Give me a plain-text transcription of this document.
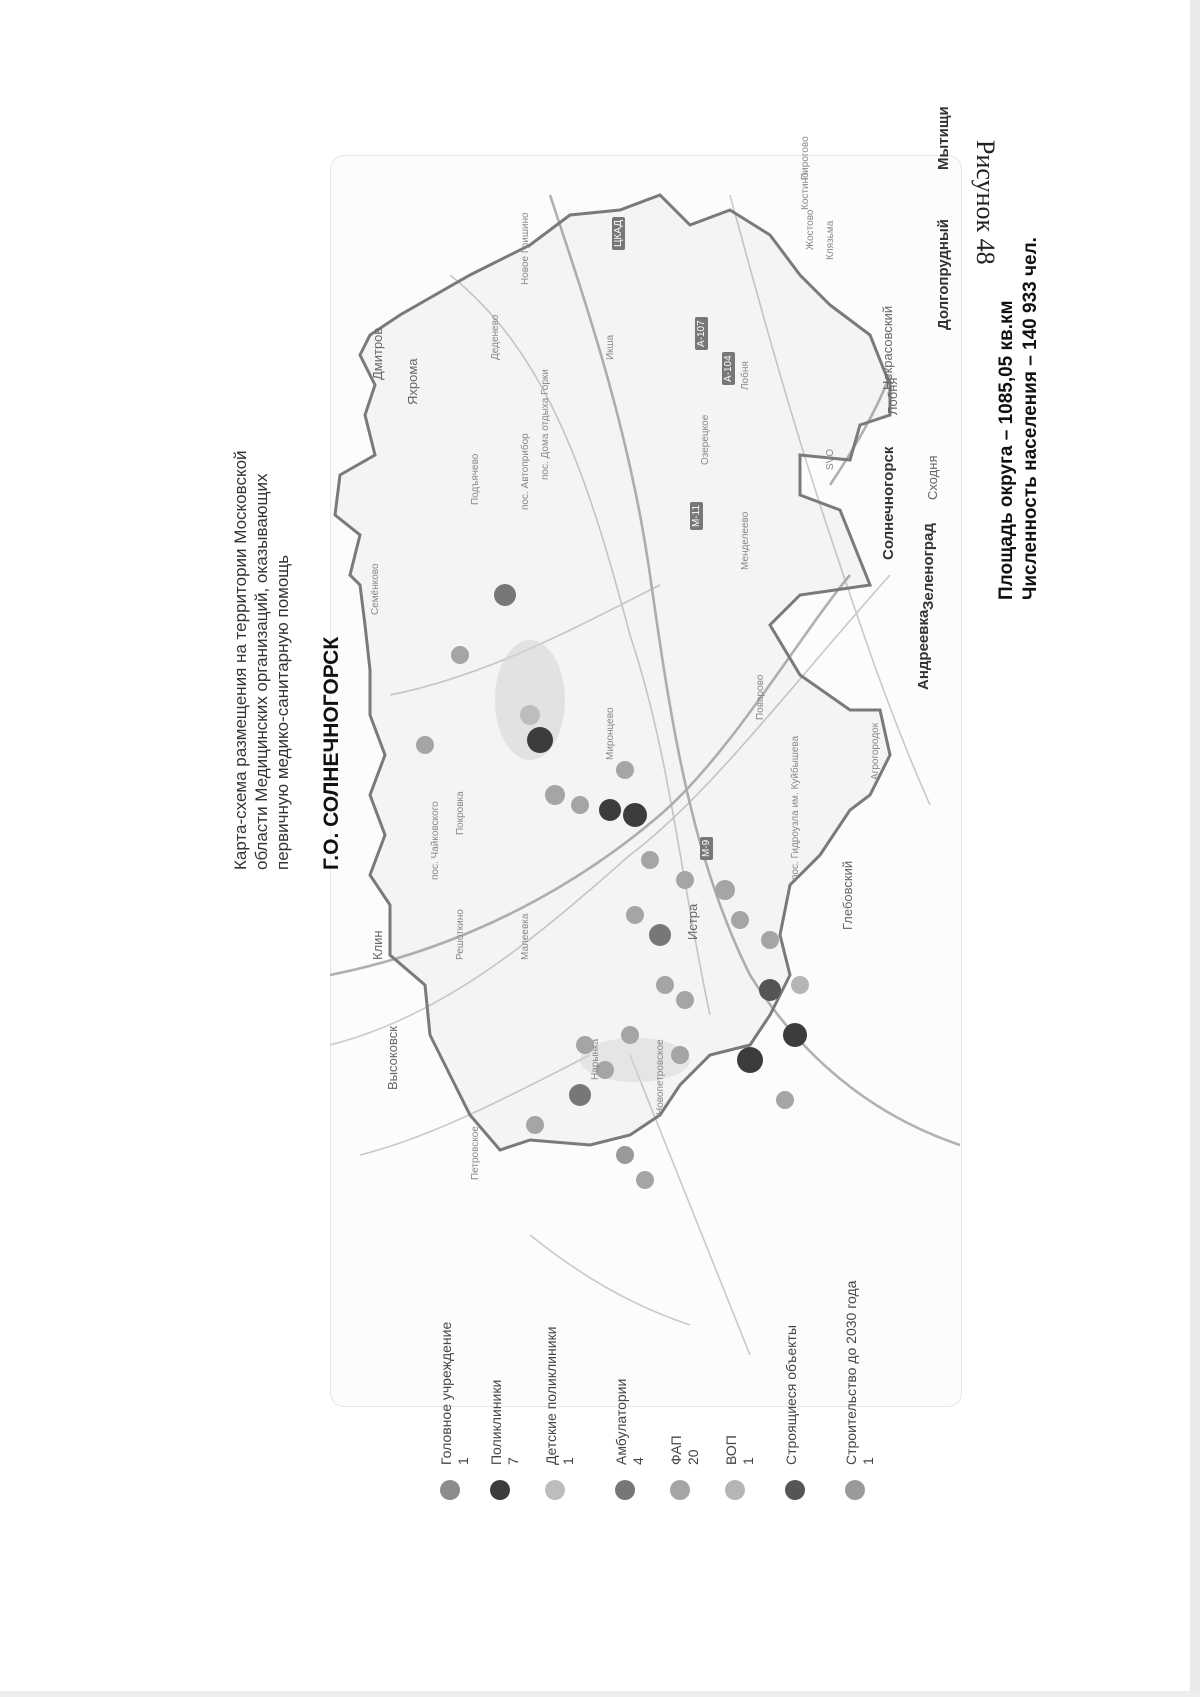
Рисунок 48
Солнечногорск
Зеленоград
Андреевка
Долгопрудный
Мытищи
Сходня
Некрасовский
Лобня
Истра
Клин
Высоковск
Глебовский
Дмитров
Яхрома
Менделеево
Поварово
Миронцево
Покровка
Подъячево
Семёнково
Решоткино
пос. Чайковского
Малеевка
Нарынка	Новопетровское
Петровское
Агрогородок
пос. Гидроузла им. Куйбышева
пос. Дома отдыха Горки
пос. Автоприбор	Озерецкое
Икша
Деденево
Новое Гришино	Жостово
Костино
Пирогово
Клязьма
SVO
Лобня
А-107
А-104
ЦКАД
М-11
M-9
Карта-схема размещения на территории Московской области Медицинских организаций, оказывающих первичную медико-санитарную помощь Г.О. СОЛНЕЧНОГОРСК
Площадь округа – 1085,05 кв.км Численность населения – 140 933 чел.
Головное учреждение 1 Поликлиники 7 Детские поликлиники 1	Амбулатории 4 ФАП 20 ВОП 1 Строящиеся объекты	Строительство до 2030 года 1
